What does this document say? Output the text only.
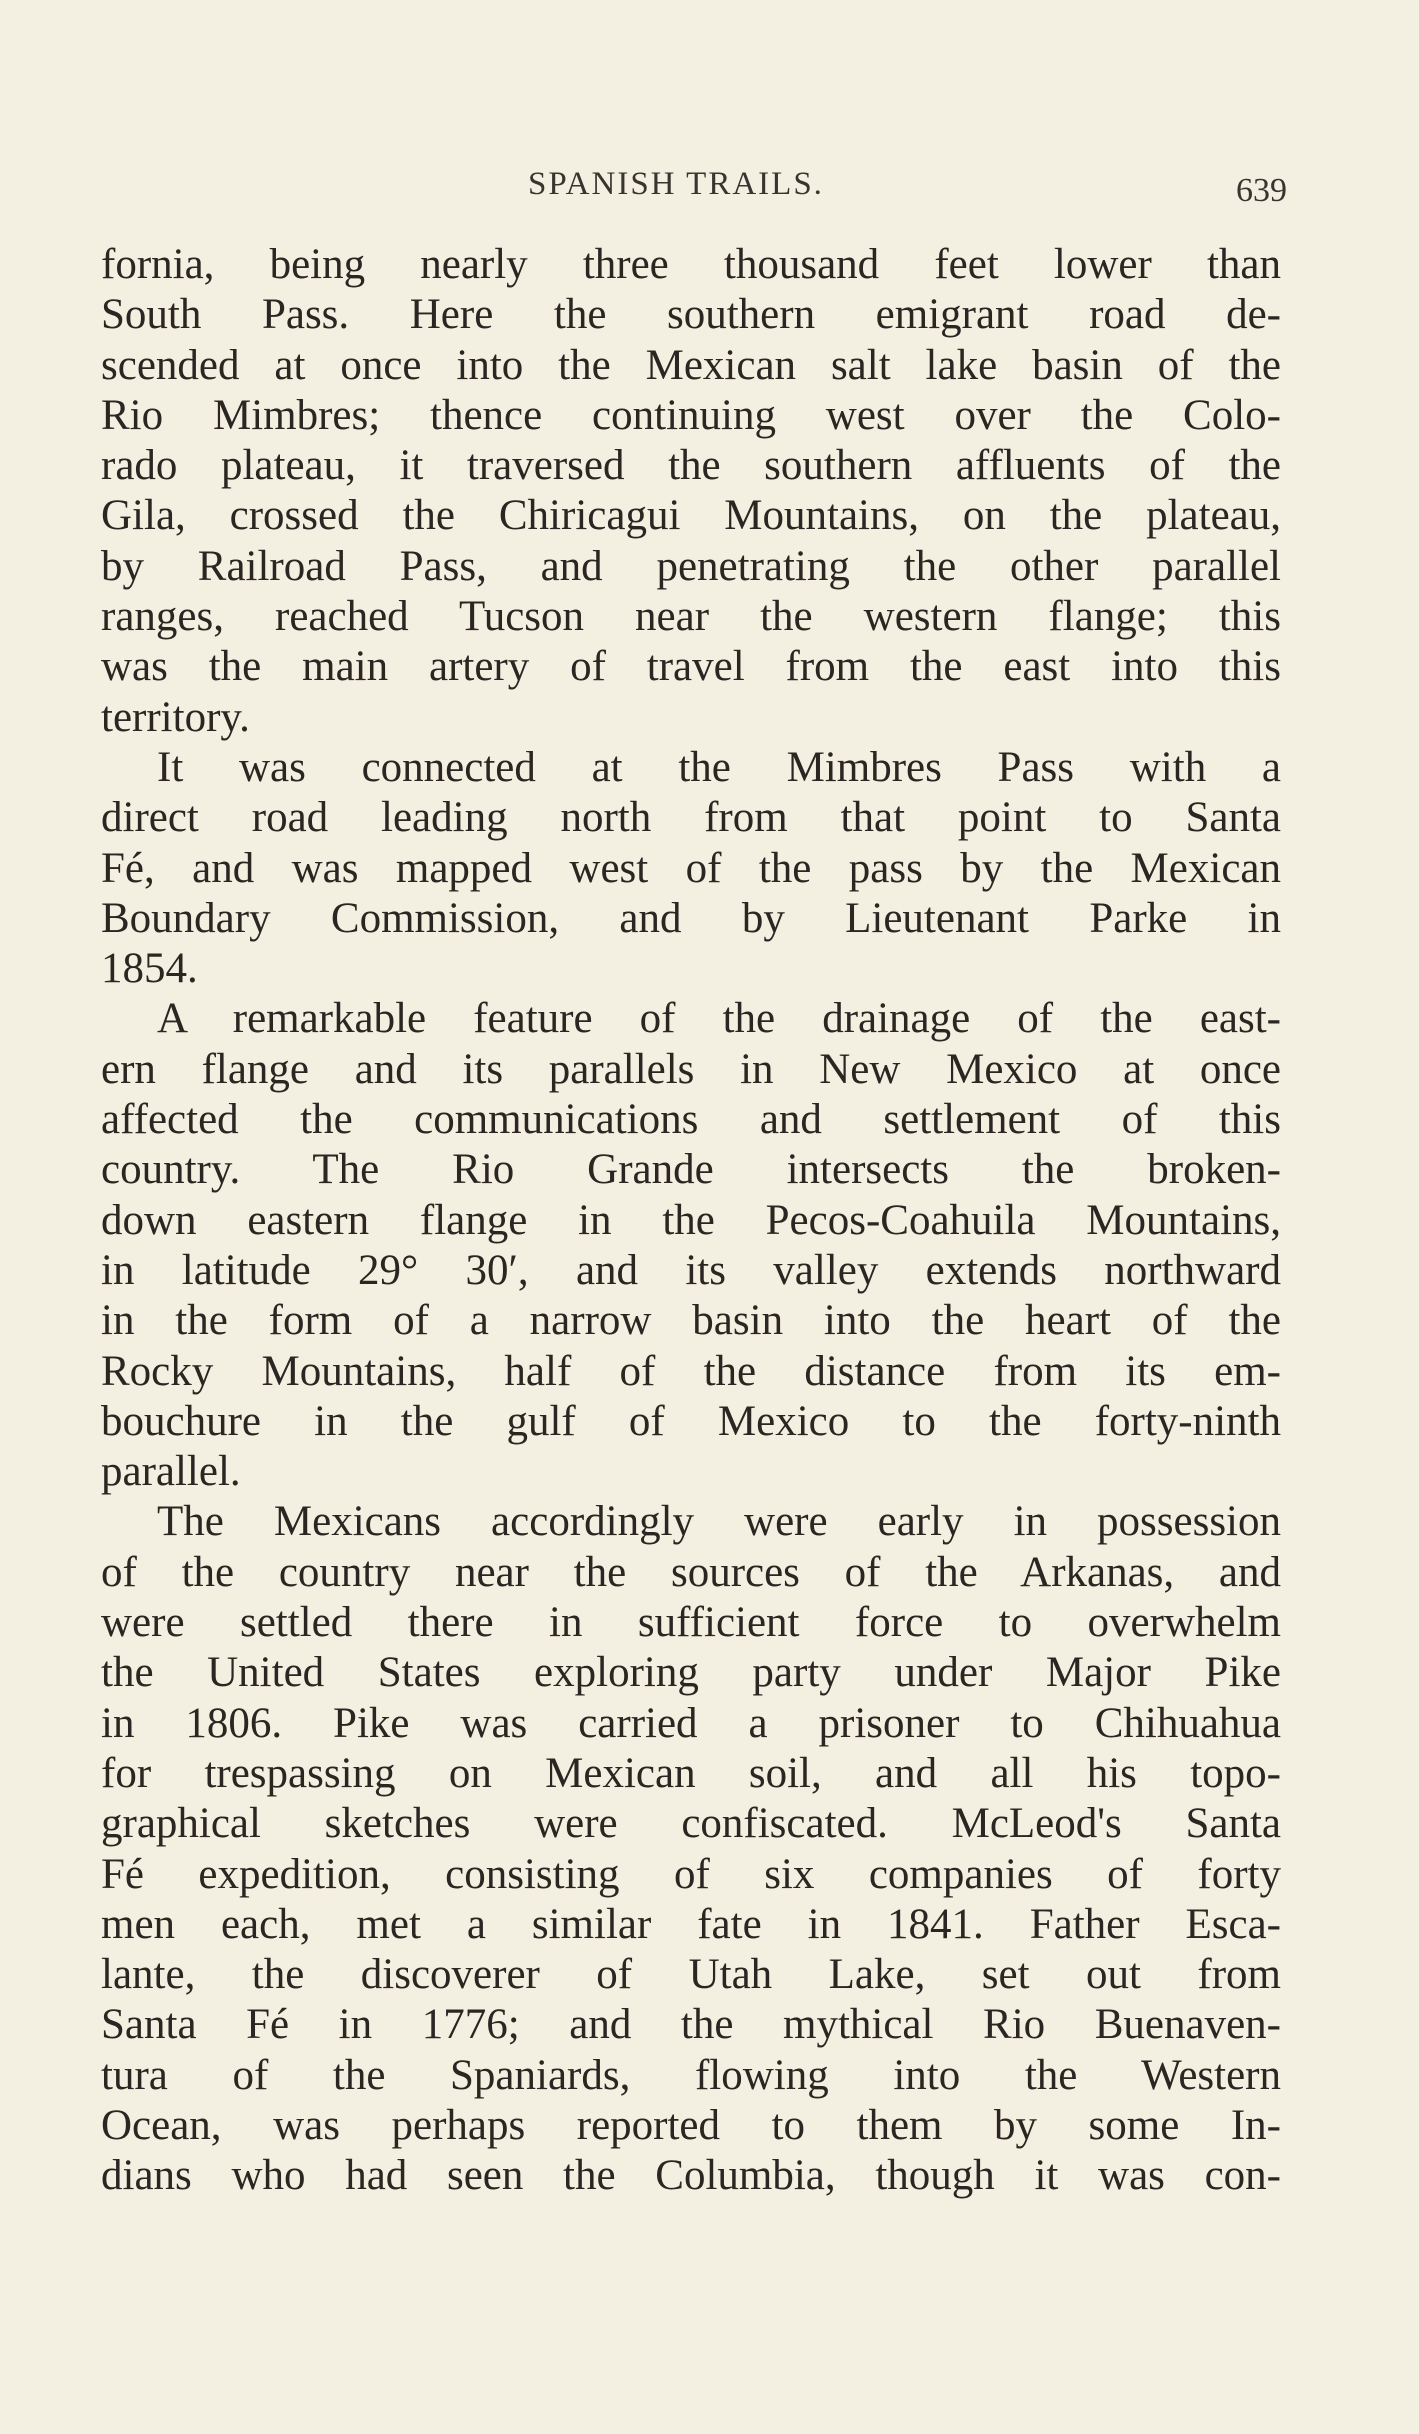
SPANISH TRAILS.	639
fornia, being nearly three thousand feet lower than
South Pass. Here the southern emigrant road de-
scended at once into the Mexican salt lake basin of the
Rio Mimbres; thence continuing west over the Colo-
rado plateau, it traversed the southern affluents of the
Gila, crossed the Chiricagui Mountains, on the plateau,
by Railroad Pass, and penetrating the other parallel
ranges, reached Tucson near the western flange; this
was the main artery of travel from the east into this
territory.
It was connected at the Mimbres Pass with a
direct road leading north from that point to Santa
Fé, and was mapped west of the pass by the Mexican
Boundary Commission, and by Lieutenant Parke in
1854.
A remarkable feature of the drainage of the east-
ern flange and its parallels in New Mexico at once
affected the communications and settlement of this
country. The Rio Grande intersects the broken-
down eastern flange in the Pecos-Coahuila Mountains,
in latitude 29° 30′, and its valley extends northward
in the form of a narrow basin into the heart of the
Rocky Mountains, half of the distance from its em-
bouchure in the gulf of Mexico to the forty-ninth
parallel.
The Mexicans accordingly were early in possession
of the country near the sources of the Arkanas, and
were settled there in sufficient force to overwhelm
the United States exploring party under Major Pike
in 1806. Pike was carried a prisoner to Chihuahua
for trespassing on Mexican soil, and all his topo-
graphical sketches were confiscated. McLeod's Santa
Fé expedition, consisting of six companies of forty
men each, met a similar fate in 1841. Father Esca-
lante, the discoverer of Utah Lake, set out from
Santa Fé in 1776; and the mythical Rio Buenaven-
tura of the Spaniards, flowing into the Western
Ocean, was perhaps reported to them by some In-
dians who had seen the Columbia, though it was con-
